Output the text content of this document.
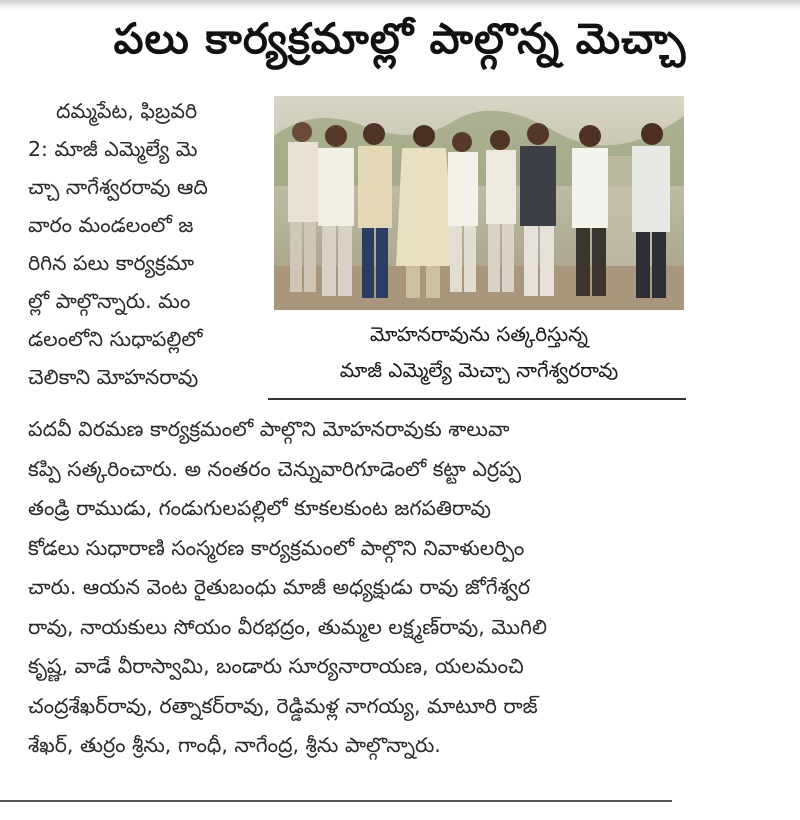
పలు కార్యక్రమాల్లో పాల్గొన్న మెచ్చా
దమ్మపేట, ఫిబ్రవరి
2: మాజీ ఎమ్మెల్యే మె
చ్చా నాగేశ్వరరావు ఆది
వారం మండలంలో జ
రిగిన పలు కార్యక్రమా
ల్లో పాల్గొన్నారు. మం
డలంలోని సుధాపల్లిలో
చెలికాని మోహనరావు
మోహనరావును సత్కరిస్తున్న
మాజీ ఎమ్మెల్యే మెచ్చా నాగేశ్వరరావు
పదవీ విరమణ కార్యక్రమంలో పాల్గొని మోహనరావుకు శాలువా
కప్పి సత్కరించారు. అ నంతరం చెన్నువారిగూడెంలో కట్టా ఎర్రప్ప
తండ్రి రాముడు, గండుగులపల్లిలో కూకలకుంట జగపతిరావు
కోడలు సుధారాణి సంస్మరణ కార్యక్రమంలో పాల్గొని నివాళులర్పిం
చారు. ఆయన వెంట రైతుబంధు మాజీ అధ్యక్షుడు రావు జోగేశ్వర
రావు, నాయకులు సోయం వీరభద్రం, తుమ్మల లక్ష్మణ్‌రావు, మొగిలి
కృష్ణ, వాడే వీరాస్వామి, బండారు సూర్యనారాయణ, యలమంచి
చంద్రశేఖర్‌రావు, రత్నాకర్‌రావు, రెడ్డిమళ్ల నాగయ్య, మాటూరి రాజ్
శేఖర్, తుర్రం శ్రీను, గాంధీ, నాగేంద్ర, శ్రీను పాల్గొన్నారు.
